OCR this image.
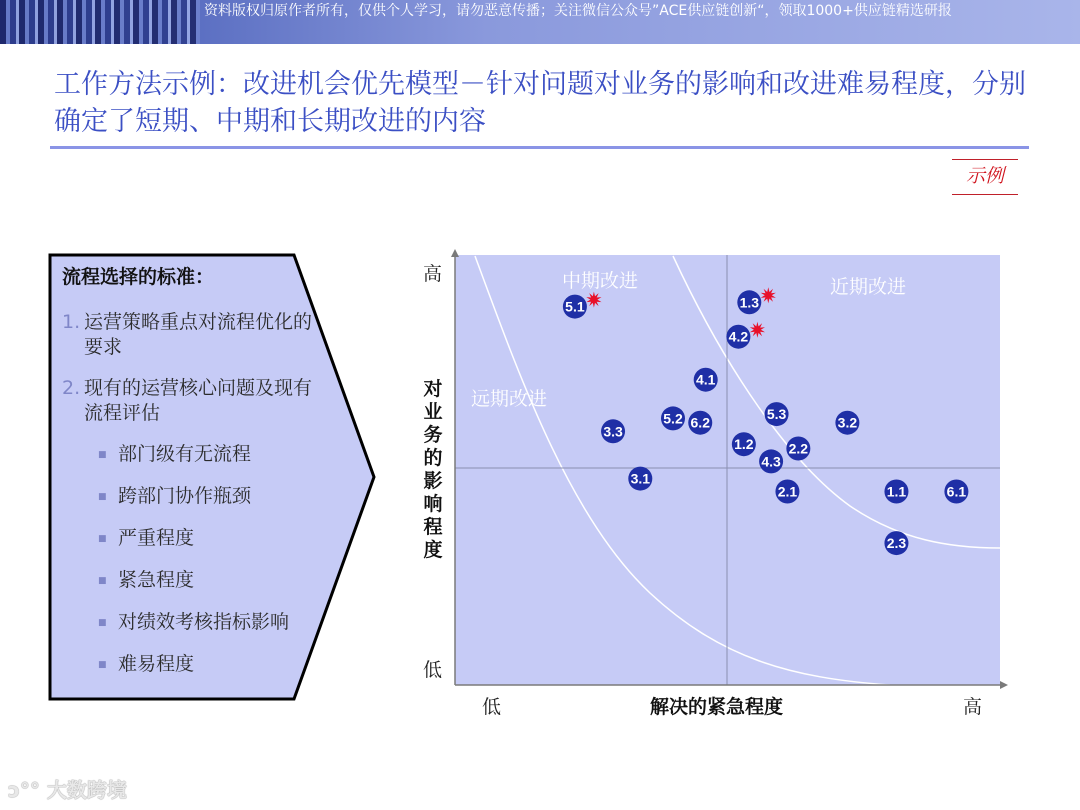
资料版权归原作者所有，仅供个人学习，请勿恶意传播；关注微信公众号”ACE供应链创新“，领取1000+供应链精选研报
工作方法示例：改进机会优先模型－针对问题对业务的影响和改进难易程度，分别确定了短期、中期和长期改进的内容
示例
流程选择的标准：
1. 运营策略重点对流程优化的要求
2. 现有的运营核心问题及现有流程评估
■ 部门级有无流程
■ 跨部门协作瓶颈
■ 严重程度
■ 紧急程度
■ 对绩效考核指标影响
■ 难易程度
5.1	1.3
4.2
4.1
5.2 6.2
3.3
5.3
3.2
1.2	2.2
4.3
3.1
2.1	1.1	6.1
2.3
高
低
低	高
对业务的影响程度
解决的紧急程度
中期改进	近期改进
远期改进
ↄ°° 大数跨境
